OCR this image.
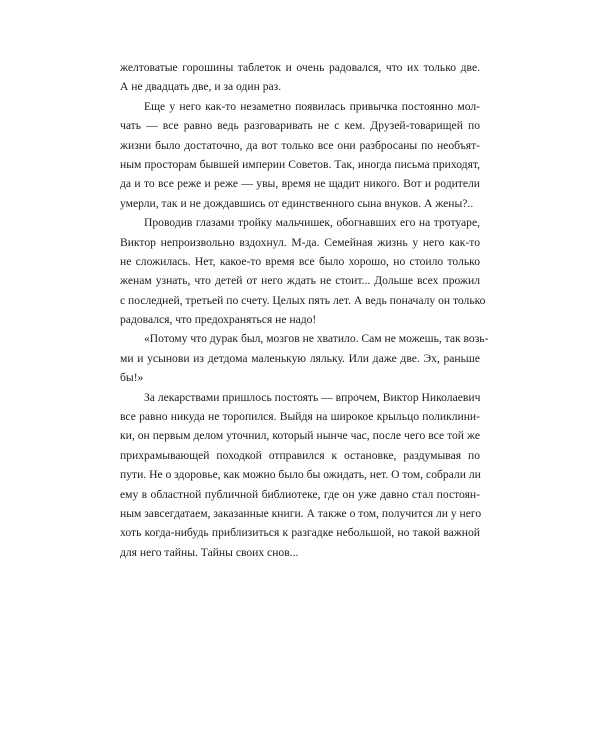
желтоватые горошины таблеток и очень радовался, что их только две.
А не двадцать две, и за один раз.
Еще у него как-то незаметно появилась привычка постоянно мол-
чать — все равно ведь разговаривать не с кем. Друзей-товарищей по
жизни было достаточно, да вот только все они разбросаны по необъят-
ным просторам бывшей империи Советов. Так, иногда письма приходят,
да и то все реже и реже — увы, время не щадит никого. Вот и родители
умерли, так и не дождавшись от единственного сына внуков. А жены?..
Проводив глазами тройку мальчишек, обогнавших его на тротуаре,
Виктор непроизвольно вздохнул. М-да. Семейная жизнь у него как-то
не сложилась. Нет, какое-то время все было хорошо, но стоило только
женам узнать, что детей от него ждать не стоит... Дольше всех прожил
с последней, третьей по счету. Целых пять лет. А ведь поначалу он только
радовался, что предохраняться не надо!
«Потому что дурак был, мозгов не хватило. Сам не можешь, так возь-
ми и усынови из детдома маленькую ляльку. Или даже две. Эх, раньше
бы!»
За лекарствами пришлось постоять — впрочем, Виктор Николаевич
все равно никуда не торопился. Выйдя на широкое крыльцо поликлини-
ки, он первым делом уточнил, который нынче час, после чего все той же
прихрамывающей походкой отправился к остановке, раздумывая по
пути. Не о здоровье, как можно было бы ожидать, нет. О том, собрали ли
ему в областной публичной библиотеке, где он уже давно стал постоян-
ным завсегдатаем, заказанные книги. А также о том, получится ли у него
хоть когда-нибудь приблизиться к разгадке небольшой, но такой важной
для него тайны. Тайны своих снов...
